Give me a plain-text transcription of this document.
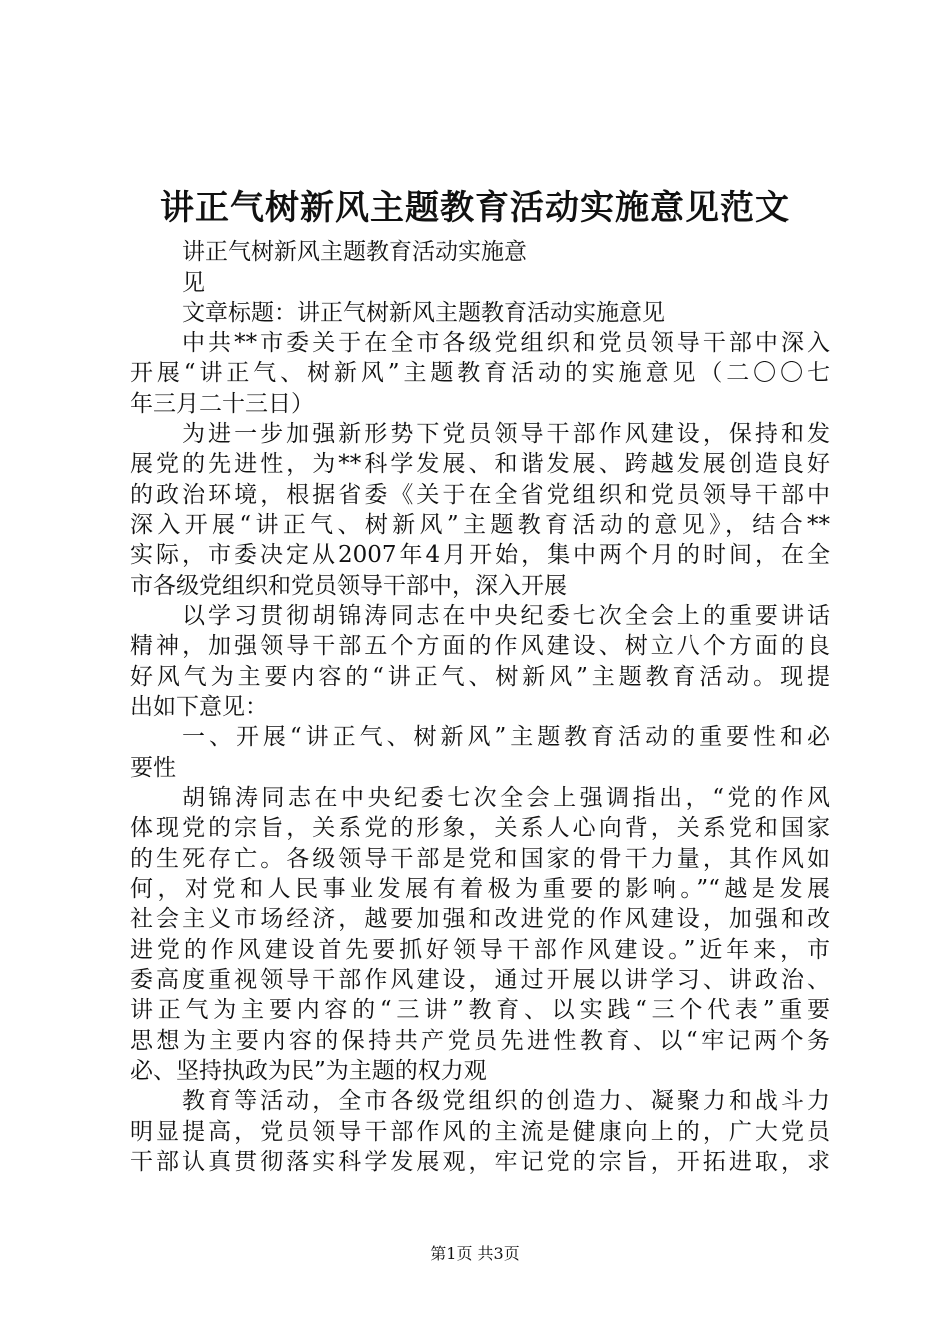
讲正气树新风主题教育活动实施意见范文
讲正气树新风主题教育活动实施意
见
文章标题：讲正气树新风主题教育活动实施意见
中共**市委关于在全市各级党组织和党员领导干部中深入
开展“讲正气、树新风”主题教育活动的实施意见（二〇〇七
年三月二十三日）
为进一步加强新形势下党员领导干部作风建设，保持和发
展党的先进性，为**科学发展、和谐发展、跨越发展创造良好
的政治环境，根据省委《关于在全省党组织和党员领导干部中
深入开展“讲正气、树新风”主题教育活动的意见》，结合**
实际，市委决定从2007年4月开始，集中两个月的时间，在全
市各级党组织和党员领导干部中，深入开展
以学习贯彻胡锦涛同志在中央纪委七次全会上的重要讲话
精神，加强领导干部五个方面的作风建设、树立八个方面的良
好风气为主要内容的“讲正气、树新风”主题教育活动。现提
出如下意见：
一、开展“讲正气、树新风”主题教育活动的重要性和必
要性
胡锦涛同志在中央纪委七次全会上强调指出，“党的作风
体现党的宗旨，关系党的形象，关系人心向背，关系党和国家
的生死存亡。各级领导干部是党和国家的骨干力量，其作风如
何，对党和人民事业发展有着极为重要的影响。”“越是发展
社会主义市场经济，越要加强和改进党的作风建设，加强和改
进党的作风建设首先要抓好领导干部作风建设。”近年来，市
委高度重视领导干部作风建设，通过开展以讲学习、讲政治、
讲正气为主要内容的“三讲”教育、以实践“三个代表”重要
思想为主要内容的保持共产党员先进性教育、以“牢记两个务
必、坚持执政为民”为主题的权力观
教育等活动，全市各级党组织的创造力、凝聚力和战斗力
明显提高，党员领导干部作风的主流是健康向上的，广大党员
干部认真贯彻落实科学发展观，牢记党的宗旨，开拓进取，求
第1页 共3页
